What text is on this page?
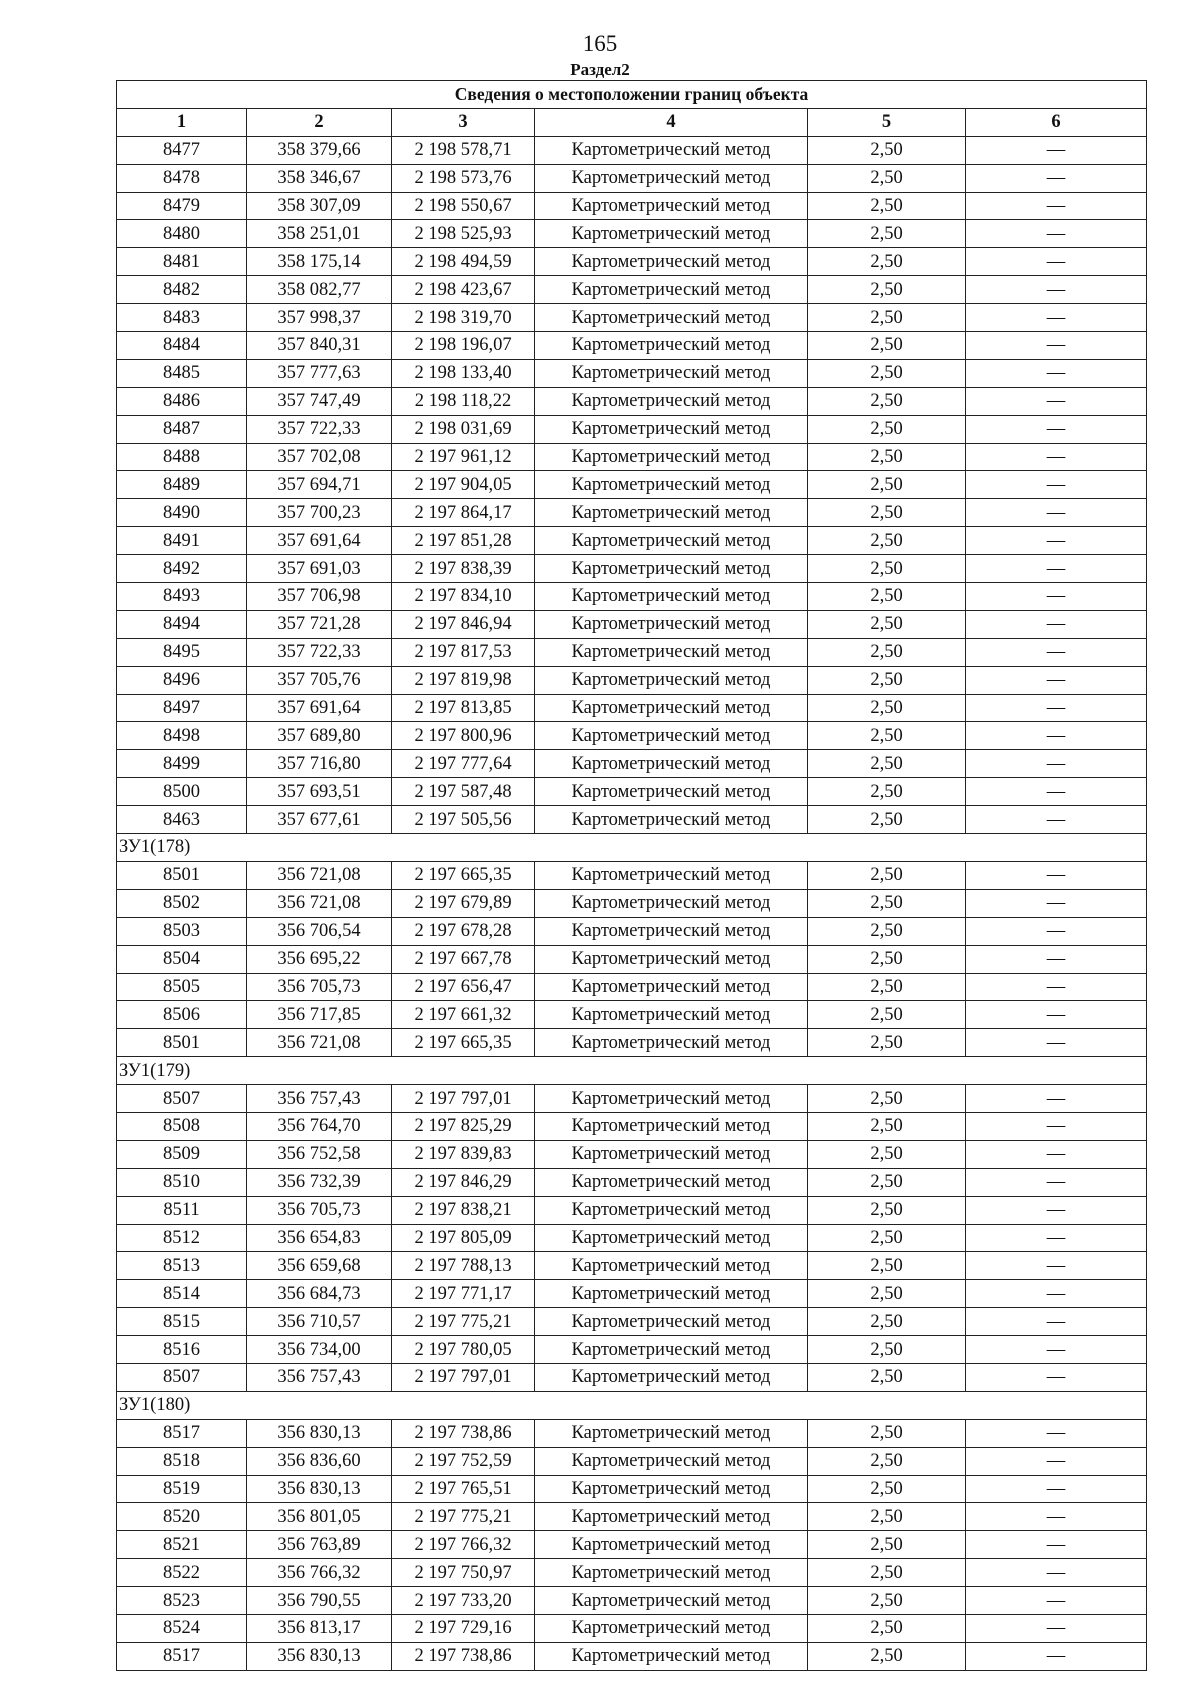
165
Раздел2
Сведения о местоположении границ объекта					
1	2	3	4	5	6
8477	358 379,66	2 198 578,71	Картометрический метод	2,50	—
8478	358 346,67	2 198 573,76	Картометрический метод	2,50	—
8479	358 307,09	2 198 550,67	Картометрический метод	2,50	—
8480	358 251,01	2 198 525,93	Картометрический метод	2,50	—
8481	358 175,14	2 198 494,59	Картометрический метод	2,50	—
8482	358 082,77	2 198 423,67	Картометрический метод	2,50	—
8483	357 998,37	2 198 319,70	Картометрический метод	2,50	—
8484	357 840,31	2 198 196,07	Картометрический метод	2,50	—
8485	357 777,63	2 198 133,40	Картометрический метод	2,50	—
8486	357 747,49	2 198 118,22	Картометрический метод	2,50	—
8487	357 722,33	2 198 031,69	Картометрический метод	2,50	—
8488	357 702,08	2 197 961,12	Картометрический метод	2,50	—
8489	357 694,71	2 197 904,05	Картометрический метод	2,50	—
8490	357 700,23	2 197 864,17	Картометрический метод	2,50	—
8491	357 691,64	2 197 851,28	Картометрический метод	2,50	—
8492	357 691,03	2 197 838,39	Картометрический метод	2,50	—
8493	357 706,98	2 197 834,10	Картометрический метод	2,50	—
8494	357 721,28	2 197 846,94	Картометрический метод	2,50	—
8495	357 722,33	2 197 817,53	Картометрический метод	2,50	—
8496	357 705,76	2 197 819,98	Картометрический метод	2,50	—
8497	357 691,64	2 197 813,85	Картометрический метод	2,50	—
8498	357 689,80	2 197 800,96	Картометрический метод	2,50	—
8499	357 716,80	2 197 777,64	Картометрический метод	2,50	—
8500	357 693,51	2 197 587,48	Картометрический метод	2,50	—
8463	357 677,61	2 197 505,56	Картометрический метод	2,50	—
ЗУ1(178)					
8501	356 721,08	2 197 665,35	Картометрический метод	2,50	—
8502	356 721,08	2 197 679,89	Картометрический метод	2,50	—
8503	356 706,54	2 197 678,28	Картометрический метод	2,50	—
8504	356 695,22	2 197 667,78	Картометрический метод	2,50	—
8505	356 705,73	2 197 656,47	Картометрический метод	2,50	—
8506	356 717,85	2 197 661,32	Картометрический метод	2,50	—
8501	356 721,08	2 197 665,35	Картометрический метод	2,50	—
ЗУ1(179)					
8507	356 757,43	2 197 797,01	Картометрический метод	2,50	—
8508	356 764,70	2 197 825,29	Картометрический метод	2,50	—
8509	356 752,58	2 197 839,83	Картометрический метод	2,50	—
8510	356 732,39	2 197 846,29	Картометрический метод	2,50	—
8511	356 705,73	2 197 838,21	Картометрический метод	2,50	—
8512	356 654,83	2 197 805,09	Картометрический метод	2,50	—
8513	356 659,68	2 197 788,13	Картометрический метод	2,50	—
8514	356 684,73	2 197 771,17	Картометрический метод	2,50	—
8515	356 710,57	2 197 775,21	Картометрический метод	2,50	—
8516	356 734,00	2 197 780,05	Картометрический метод	2,50	—
8507	356 757,43	2 197 797,01	Картометрический метод	2,50	—
ЗУ1(180)					
8517	356 830,13	2 197 738,86	Картометрический метод	2,50	—
8518	356 836,60	2 197 752,59	Картометрический метод	2,50	—
8519	356 830,13	2 197 765,51	Картометрический метод	2,50	—
8520	356 801,05	2 197 775,21	Картометрический метод	2,50	—
8521	356 763,89	2 197 766,32	Картометрический метод	2,50	—
8522	356 766,32	2 197 750,97	Картометрический метод	2,50	—
8523	356 790,55	2 197 733,20	Картометрический метод	2,50	—
8524	356 813,17	2 197 729,16	Картометрический метод	2,50	—
8517	356 830,13	2 197 738,86	Картометрический метод	2,50	—
